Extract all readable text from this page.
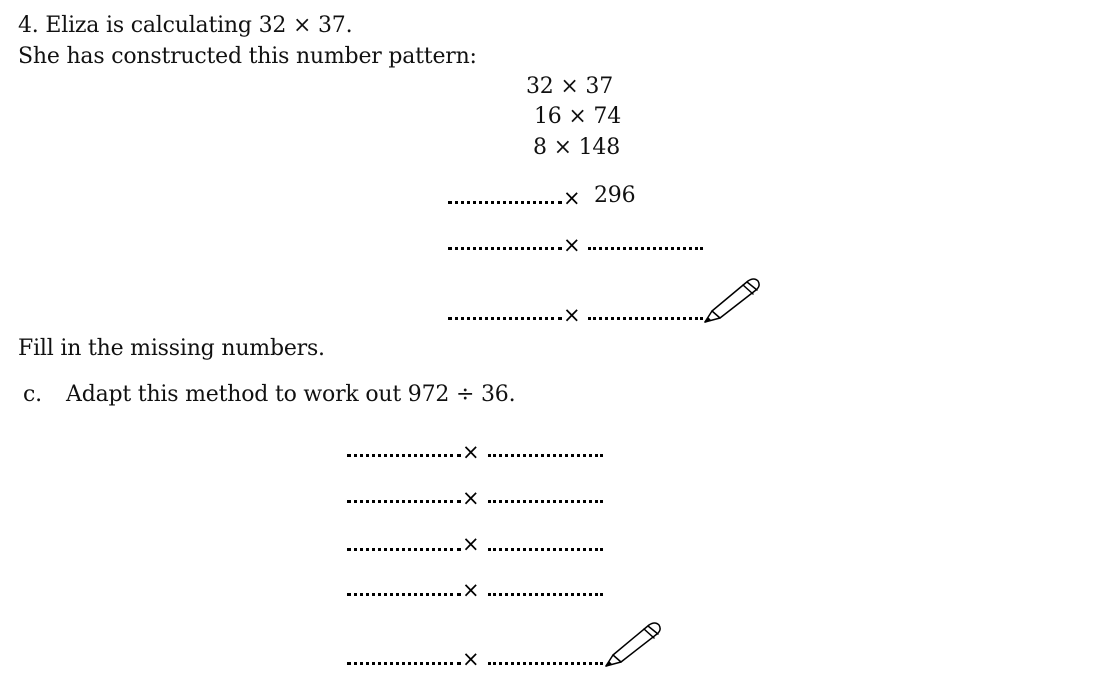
4. Eliza is calculating 32 × 37.
She has constructed this number pattern:
32 × 37
16 × 74
8 × 148
× 296
×
×
Fill in the missing numbers.
c. Adapt this method to work out 972 ÷ 36.
×
×
×
×
×
